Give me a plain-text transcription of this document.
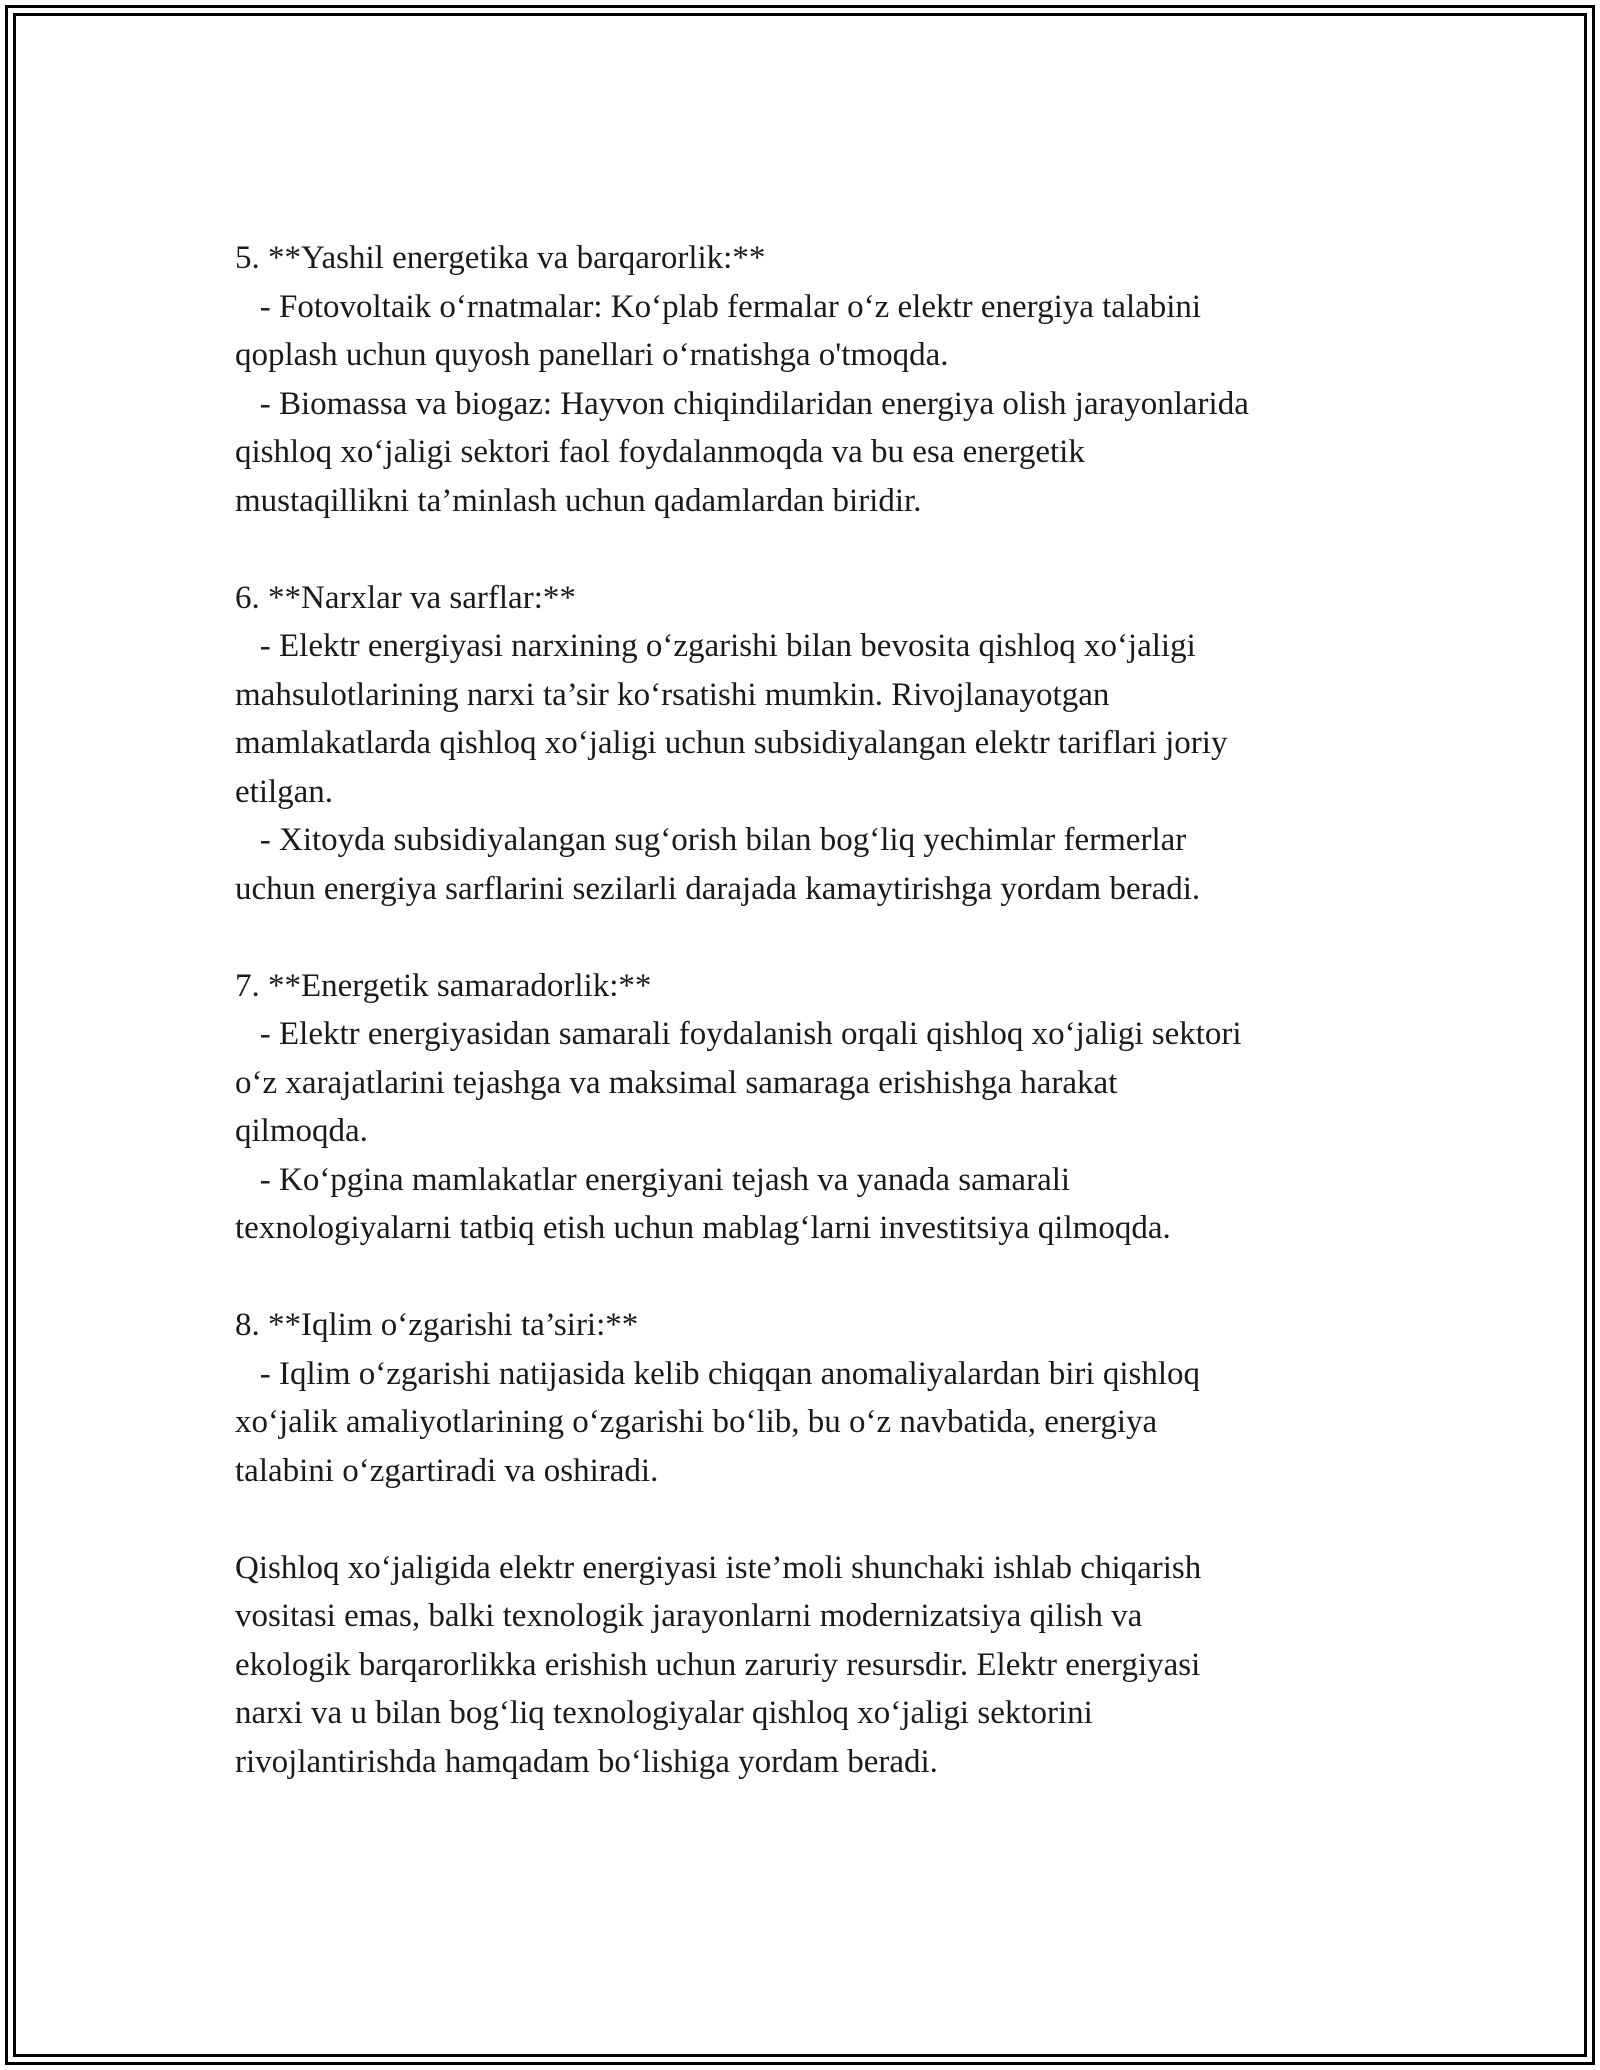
5. **Yashil energetika va barqarorlik:**
- Fotovoltaik o‘rnatmalar: Ko‘plab fermalar o‘z elektr energiya talabini
qoplash uchun quyosh panellari o‘rnatishga o'tmoqda.
- Biomassa va biogaz: Hayvon chiqindilaridan energiya olish jarayonlarida
qishloq xo‘jaligi sektori faol foydalanmoqda va bu esa energetik
mustaqillikni ta’minlash uchun qadamlardan biridir.
6. **Narxlar va sarflar:**
- Elektr energiyasi narxining o‘zgarishi bilan bevosita qishloq xo‘jaligi
mahsulotlarining narxi ta’sir ko‘rsatishi mumkin. Rivojlanayotgan
mamlakatlarda qishloq xo‘jaligi uchun subsidiyalangan elektr tariflari joriy
etilgan.
- Xitoyda subsidiyalangan sug‘orish bilan bog‘liq yechimlar fermerlar
uchun energiya sarflarini sezilarli darajada kamaytirishga yordam beradi.
7. **Energetik samaradorlik:**
- Elektr energiyasidan samarali foydalanish orqali qishloq xo‘jaligi sektori
o‘z xarajatlarini tejashga va maksimal samaraga erishishga harakat
qilmoqda.
- Ko‘pgina mamlakatlar energiyani tejash va yanada samarali
texnologiyalarni tatbiq etish uchun mablag‘larni investitsiya qilmoqda.
8. **Iqlim o‘zgarishi ta’siri:**
- Iqlim o‘zgarishi natijasida kelib chiqqan anomaliyalardan biri qishloq
xo‘jalik amaliyotlarining o‘zgarishi bo‘lib, bu o‘z navbatida, energiya
talabini o‘zgartiradi va oshiradi.
Qishloq xo‘jaligida elektr energiyasi iste’moli shunchaki ishlab chiqarish
vositasi emas, balki texnologik jarayonlarni modernizatsiya qilish va
ekologik barqarorlikka erishish uchun zaruriy resursdir. Elektr energiyasi
narxi va u bilan bog‘liq texnologiyalar qishloq xo‘jaligi sektorini
rivojlantirishda hamqadam bo‘lishiga yordam beradi.
